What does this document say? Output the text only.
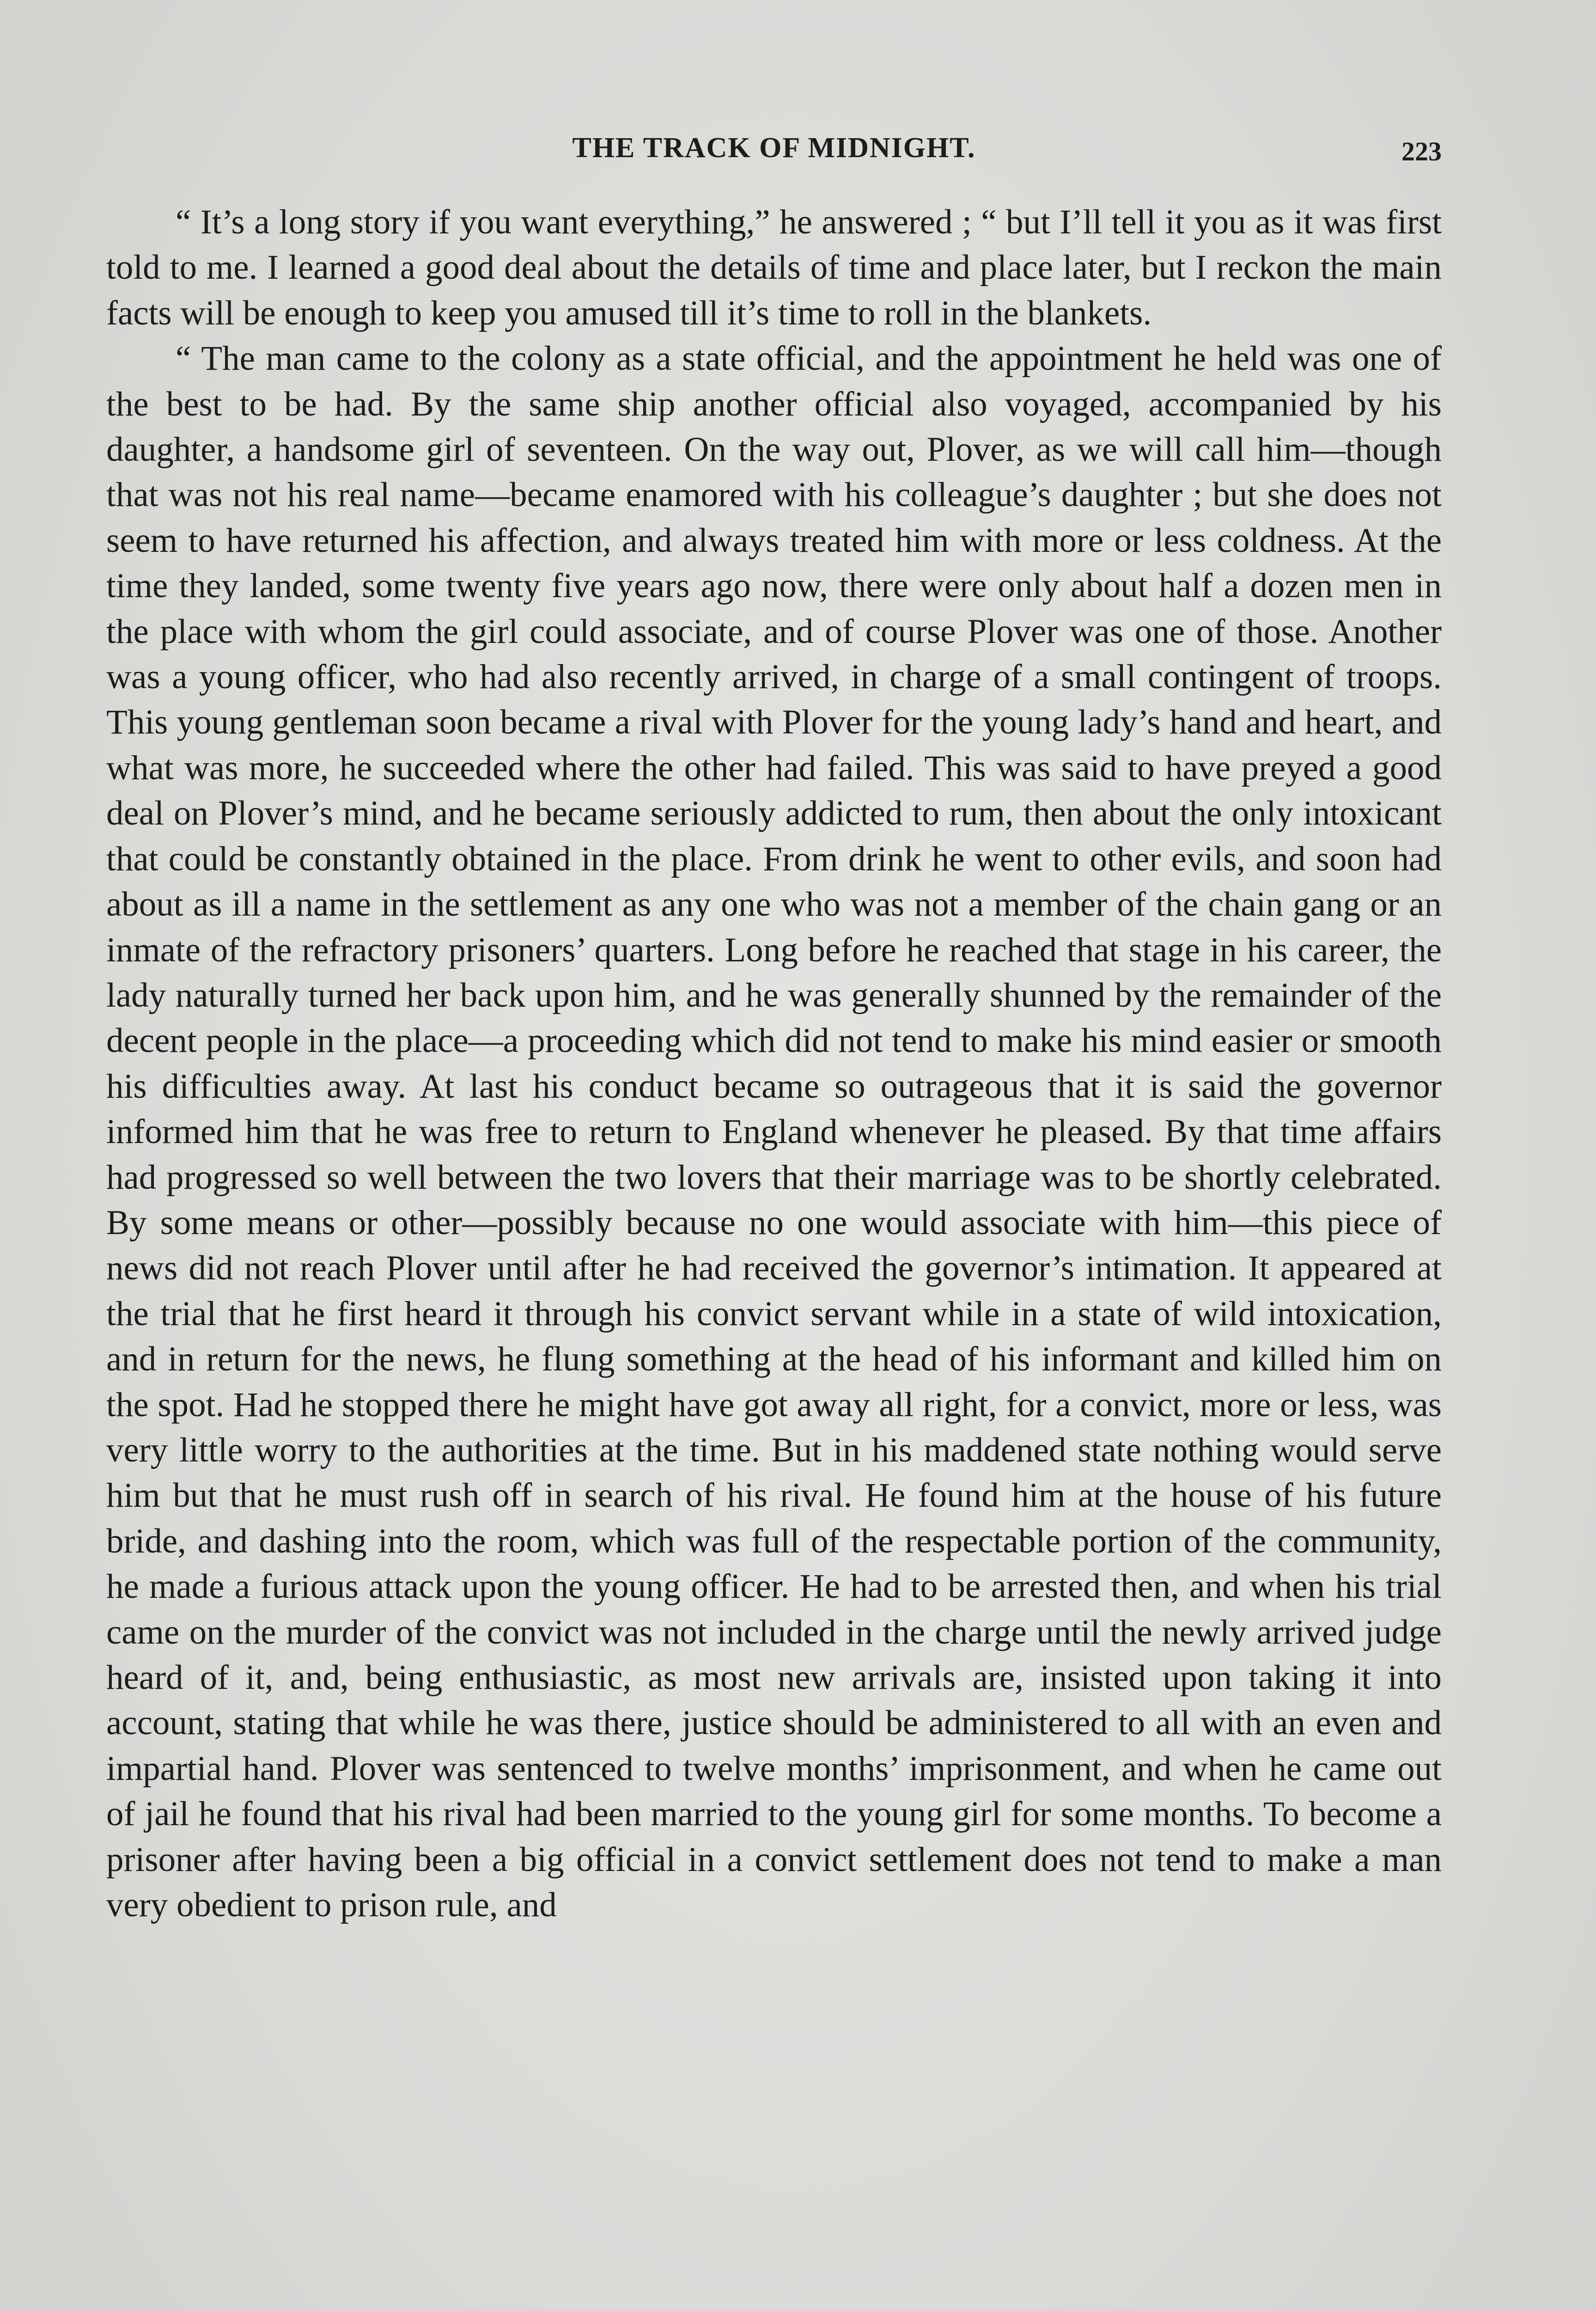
THE TRACK OF MIDNIGHT.	223

“ It’s a long story if you want everything,” he answered ; “ but I’ll tell it you as it was first told to me. I learned a good deal about the details of time and place later, but I reckon the main facts will be enough to keep you amused till it’s time to roll in the blankets.

“ The man came to the colony as a state official, and the appointment he held was one of the best to be had. By the same ship another official also voyaged, accompanied by his daughter, a handsome girl of seventeen. On the way out, Plover, as we will call him—though that was not his real name—became enamored with his colleague’s daughter ; but she does not seem to have returned his affection, and always treated him with more or less coldness. At the time they landed, some twenty five years ago now, there were only about half a dozen men in the place with whom the girl could associate, and of course Plover was one of those. Another was a young officer, who had also recently arrived, in charge of a small contingent of troops. This young gentleman soon became a rival with Plover for the young lady’s hand and heart, and what was more, he succeeded where the other had failed. This was said to have preyed a good deal on Plover’s mind, and he became seriously addicted to rum, then about the only intoxicant that could be constantly obtained in the place. From drink he went to other evils, and soon had about as ill a name in the settlement as any one who was not a member of the chain gang or an inmate of the refractory prisoners’ quarters. Long before he reached that stage in his career, the lady naturally turned her back upon him, and he was generally shunned by the remainder of the decent people in the place—a proceeding which did not tend to make his mind easier or smooth his difficulties away. At last his conduct became so outrageous that it is said the governor informed him that he was free to return to England whenever he pleased. By that time affairs had progressed so well between the two lovers that their marriage was to be shortly celebrated. By some means or other—possibly because no one would associate with him—this piece of news did not reach Plover until after he had received the governor’s intimation. It appeared at the trial that he first heard it through his convict servant while in a state of wild intoxication, and in return for the news, he flung something at the head of his informant and killed him on the spot. Had he stopped there he might have got away all right, for a convict, more or less, was very little worry to the authorities at the time. But in his maddened state nothing would serve him but that he must rush off in search of his rival. He found him at the house of his future bride, and dashing into the room, which was full of the respectable portion of the community, he made a furious attack upon the young officer. He had to be arrested then, and when his trial came on the murder of the convict was not included in the charge until the newly arrived judge heard of it, and, being enthusiastic, as most new arrivals are, insisted upon taking it into account, stating that while he was there, justice should be administered to all with an even and impartial hand. Plover was sentenced to twelve months’ imprisonment, and when he came out of jail he found that his rival had been married to the young girl for some months. To become a prisoner after having been a big official in a convict settlement does not tend to make a man very obedient to prison rule, and
